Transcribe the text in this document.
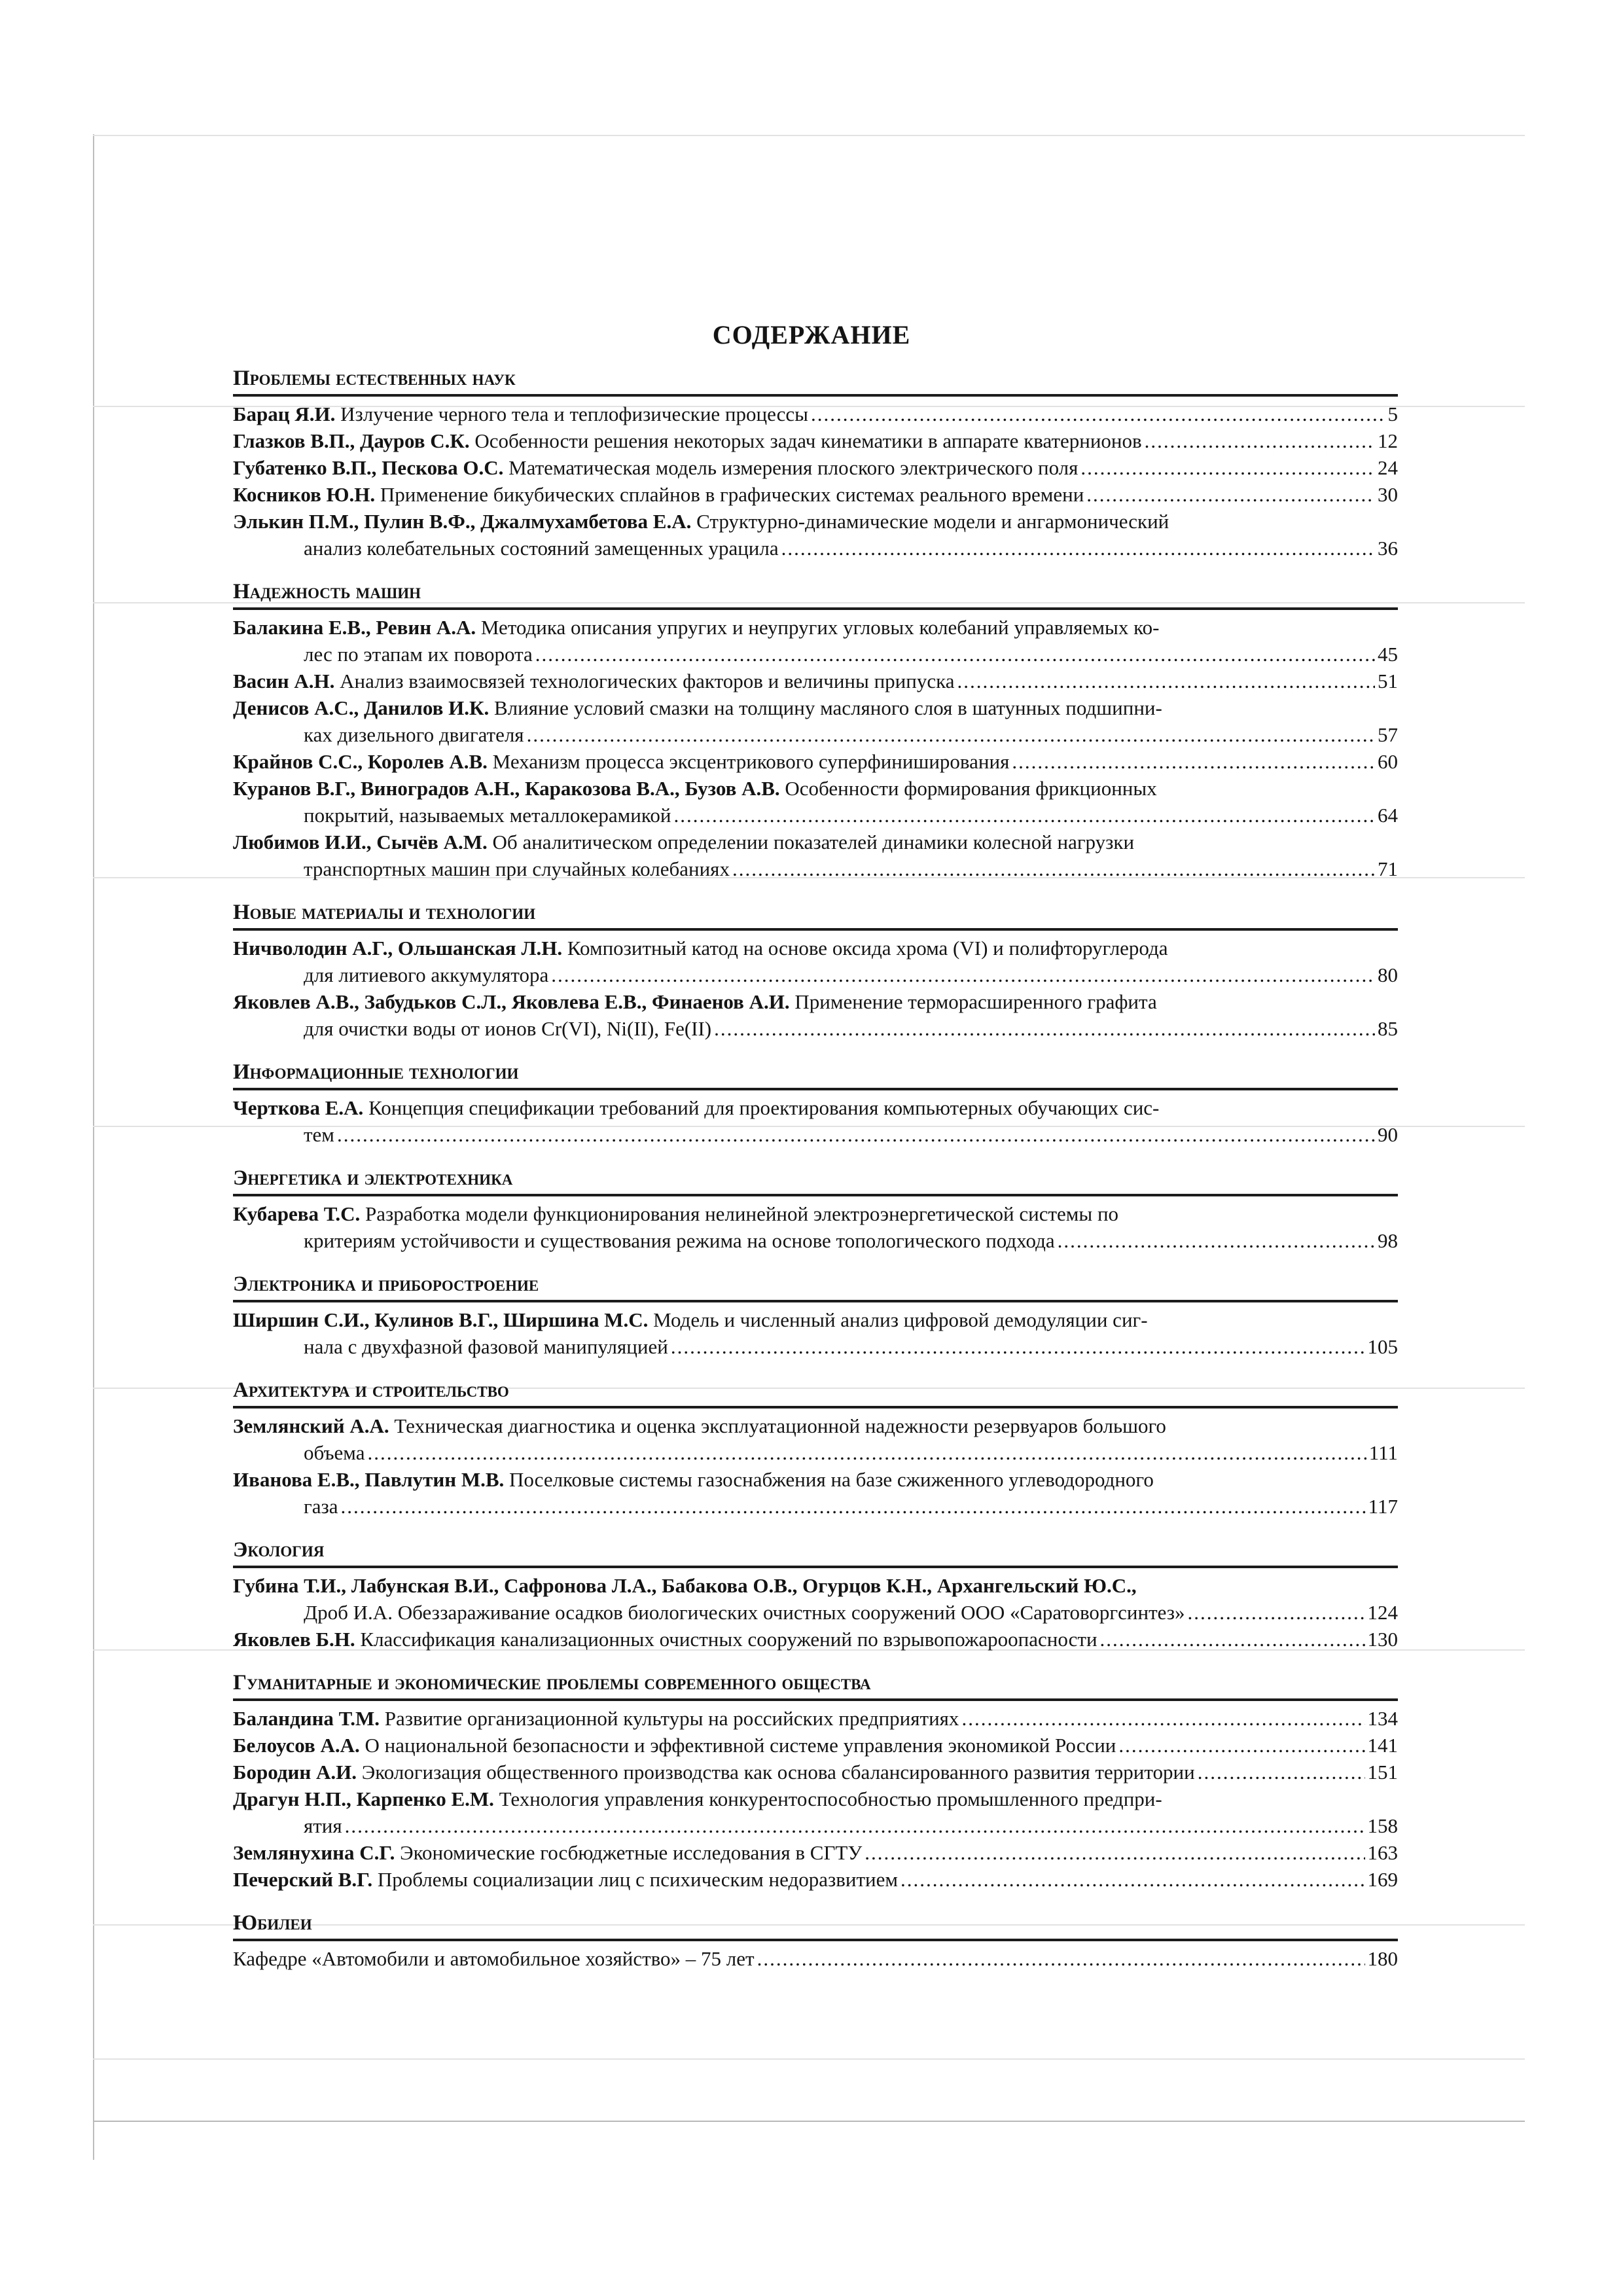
СОДЕРЖАНИЕ
Проблемы естественных наук
Барац Я.И. Излучение черного тела и теплофизические процессы .....	5
Глазков В.П., Дауров С.К. Особенности решения некоторых задач кинематики в аппарате кватернионов .....	12
Губатенко В.П., Пескова О.С. Математическая модель измерения плоского электрического поля .....	24
Косников Ю.Н. Применение бикубических сплайнов в графических системах реального времени .....	30
Элькин П.М., Пулин В.Ф., Джалмухамбетова Е.А. Структурно-динамические модели и ангармонический
анализ колебательных состояний замещенных урацила .....	36
Надежность машин
Балакина Е.В., Ревин А.А. Методика описания упругих и неупругих угловых колебаний управляемых ко-
лес по этапам их поворота .....	45
Васин А.Н. Анализ взаимосвязей технологических факторов и величины припуска .....	51
Денисов А.С., Данилов И.К. Влияние условий смазки на толщину масляного слоя в шатунных подшипни-
ках дизельного двигателя .....	57
Крайнов С.С., Королев А.В. Механизм процесса эксцентрикового суперфиниширования .....	60
Куранов В.Г., Виноградов А.Н., Каракозова В.А., Бузов А.В. Особенности формирования фрикционных
покрытий, называемых металлокерамикой .....	64
Любимов И.И., Сычёв А.М. Об аналитическом определении показателей динамики колесной нагрузки
транспортных машин при случайных колебаниях .....	71
Новые материалы и технологии
Ничволодин А.Г., Ольшанская Л.Н. Композитный катод на основе оксида хрома (VI) и полифторуглерода
для литиевого аккумулятора .....	80
Яковлев А.В., Забудьков С.Л., Яковлева Е.В., Финаенов А.И. Применение терморасширенного графита
для очистки воды от ионов Cr(VI), Ni(II), Fe(II) .....	85
Информационные технологии
Черткова Е.А. Концепция спецификации требований для проектирования компьютерных обучающих сис-
тем .....	90
Энергетика и электротехника
Кубарева Т.С. Разработка модели функционирования нелинейной электроэнергетической системы по
критериям устойчивости и существования режима на основе топологического подхода .....	98
Электроника и приборостроение
Ширшин С.И., Кулинов В.Г., Ширшина М.С. Модель и численный анализ цифровой демодуляции сиг-
нала с двухфазной фазовой манипуляцией .....	105
Архитектура и строительство
Землянский А.А. Техническая диагностика и оценка эксплуатационной надежности резервуаров большого
объема .....	111
Иванова Е.В., Павлутин М.В. Поселковые системы газоснабжения на базе сжиженного углеводородного
газа .....	117
Экология
Губина Т.И., Лабунская В.И., Сафронова Л.А., Бабакова О.В., Огурцов К.Н., Архангельский Ю.С.,
Дроб И.А. Обеззараживание осадков биологических очистных сооружений ООО «Саратоворгсинтез» .....	124
Яковлев Б.Н. Классификация канализационных очистных сооружений по взрывопожароопасности .....	130
Гуманитарные и экономические проблемы современного общества
Баландина Т.М. Развитие организационной культуры на российских предприятиях .....	134
Белоусов А.А. О национальной безопасности и эффективной системе управления экономикой России .....	141
Бородин А.И. Экологизация общественного производства как основа сбалансированного развития территории .....	151
Драгун Н.П., Карпенко Е.М. Технология управления конкурентоспособностью промышленного предпри-
ятия .....	158
Землянухина С.Г. Экономические госбюджетные исследования в СГТУ .....	163
Печерский В.Г. Проблемы социализации лиц с психическим недоразвитием .....	169
Юбилеи
Кафедре «Автомобили и автомобильное хозяйство» – 75 лет .....	180
